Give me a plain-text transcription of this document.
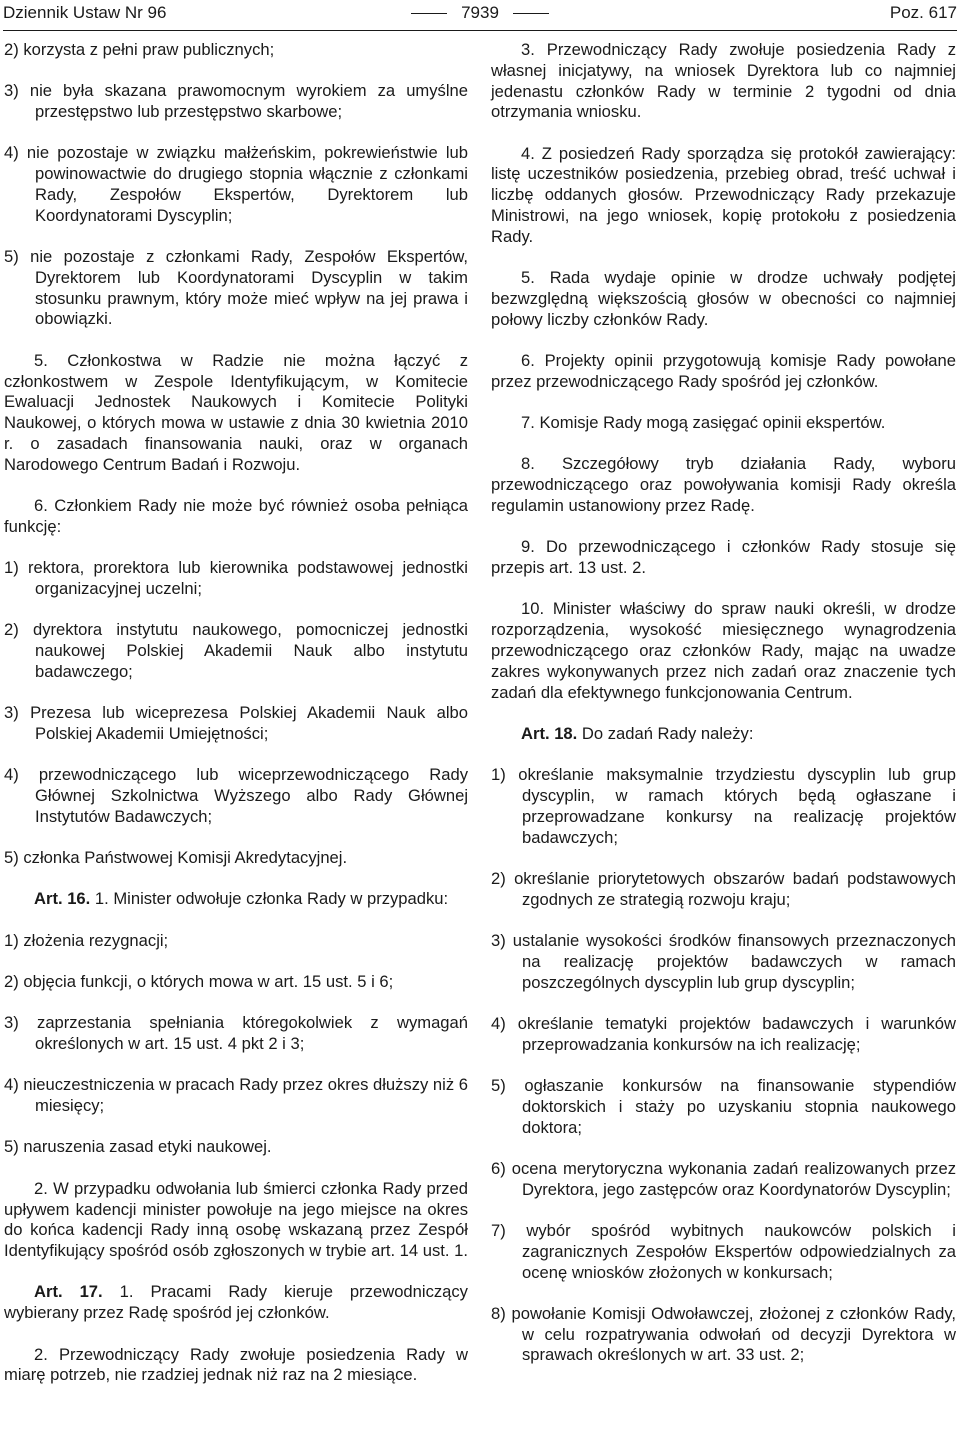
Dziennik Ustaw Nr 96	7939	Poz. 617
2) korzysta z pełni praw publicznych;
3) nie była skazana prawomocnym wyrokiem za umyślne przestępstwo lub przestępstwo skarbowe;
4) nie pozostaje w związku małżeńskim, pokrewieństwie lub powinowactwie do drugiego stopnia włącznie z członkami Rady, Zespołów Ekspertów, Dyrektorem lub Koordynatorami Dyscyplin;
5) nie pozostaje z członkami Rady, Zespołów Ekspertów, Dyrektorem lub Koordynatorami Dyscyplin w takim stosunku prawnym, który może mieć wpływ na jej prawa i obowiązki.
5. Członkostwa w Radzie nie można łączyć z członkostwem w Zespole Identyfikującym, w Komitecie Ewaluacji Jednostek Naukowych i Komitecie Polityki Naukowej, o których mowa w ustawie z dnia 30 kwietnia 2010 r. o zasadach finansowania nauki, oraz w organach Narodowego Centrum Badań i Rozwoju.
6. Członkiem Rady nie może być również osoba pełniąca funkcję:
1) rektora, prorektora lub kierownika podstawowej jednostki organizacyjnej uczelni;
2) dyrektora instytutu naukowego, pomocniczej jednostki naukowej Polskiej Akademii Nauk albo instytutu badawczego;
3) Prezesa lub wiceprezesa Polskiej Akademii Nauk albo Polskiej Akademii Umiejętności;
4) przewodniczącego lub wiceprzewodniczącego Rady Głównej Szkolnictwa Wyższego albo Rady Głównej Instytutów Badawczych;
5) członka Państwowej Komisji Akredytacyjnej.
Art. 16. 1. Minister odwołuje członka Rady w przypadku:
1) złożenia rezygnacji;
2) objęcia funkcji, o których mowa w art. 15 ust. 5 i 6;
3) zaprzestania spełniania któregokolwiek z wymagań określonych w art. 15 ust. 4 pkt 2 i 3;
4) nieuczestniczenia w pracach Rady przez okres dłuższy niż 6 miesięcy;
5) naruszenia zasad etyki naukowej.
2. W przypadku odwołania lub śmierci członka Rady przed upływem kadencji minister powołuje na jego miejsce na okres do końca kadencji Rady inną osobę wskazaną przez Zespół Identyfikujący spośród osób zgłoszonych w trybie art. 14 ust. 1.
Art. 17. 1. Pracami Rady kieruje przewodniczący wybierany przez Radę spośród jej członków.
2. Przewodniczący Rady zwołuje posiedzenia Rady w miarę potrzeb, nie rzadziej jednak niż raz na 2 miesiące.
3. Przewodniczący Rady zwołuje posiedzenia Rady z własnej inicjatywy, na wniosek Dyrektora lub co najmniej jedenastu członków Rady w terminie 2 tygodni od dnia otrzymania wniosku.
4. Z posiedzeń Rady sporządza się protokół zawierający: listę uczestników posiedzenia, przebieg obrad, treść uchwał i liczbę oddanych głosów. Przewodniczący Rady przekazuje Ministrowi, na jego wniosek, kopię protokołu z posiedzenia Rady.
5. Rada wydaje opinie w drodze uchwały podjętej bezwzględną większością głosów w obecności co najmniej połowy liczby członków Rady.
6. Projekty opinii przygotowują komisje Rady powołane przez przewodniczącego Rady spośród jej członków.
7. Komisje Rady mogą zasięgać opinii ekspertów.
8. Szczegółowy tryb działania Rady, wyboru przewodniczącego oraz powoływania komisji Rady określa regulamin ustanowiony przez Radę.
9. Do przewodniczącego i członków Rady stosuje się przepis art. 13 ust. 2.
10. Minister właściwy do spraw nauki określi, w drodze rozporządzenia, wysokość miesięcznego wynagrodzenia przewodniczącego oraz członków Rady, mając na uwadze zakres wykonywanych przez nich zadań oraz znaczenie tych zadań dla efektywnego funkcjonowania Centrum.
Art. 18. Do zadań Rady należy:
1) określanie maksymalnie trzydziestu dyscyplin lub grup dyscyplin, w ramach których będą ogłaszane i przeprowadzane konkursy na realizację projektów badawczych;
2) określanie priorytetowych obszarów badań podstawowych zgodnych ze strategią rozwoju kraju;
3) ustalanie wysokości środków finansowych przeznaczonych na realizację projektów badawczych w ramach poszczególnych dyscyplin lub grup dyscyplin;
4) określanie tematyki projektów badawczych i warunków przeprowadzania konkursów na ich realizację;
5) ogłaszanie konkursów na finansowanie stypendiów doktorskich i staży po uzyskaniu stopnia naukowego doktora;
6) ocena merytoryczna wykonania zadań realizowanych przez Dyrektora, jego zastępców oraz Koordynatorów Dyscyplin;
7) wybór spośród wybitnych naukowców polskich i zagranicznych Zespołów Ekspertów odpowiedzialnych za ocenę wniosków złożonych w konkursach;
8) powołanie Komisji Odwoławczej, złożonej z członków Rady, w celu rozpatrywania odwołań od decyzji Dyrektora w sprawach określonych w art. 33 ust. 2;
